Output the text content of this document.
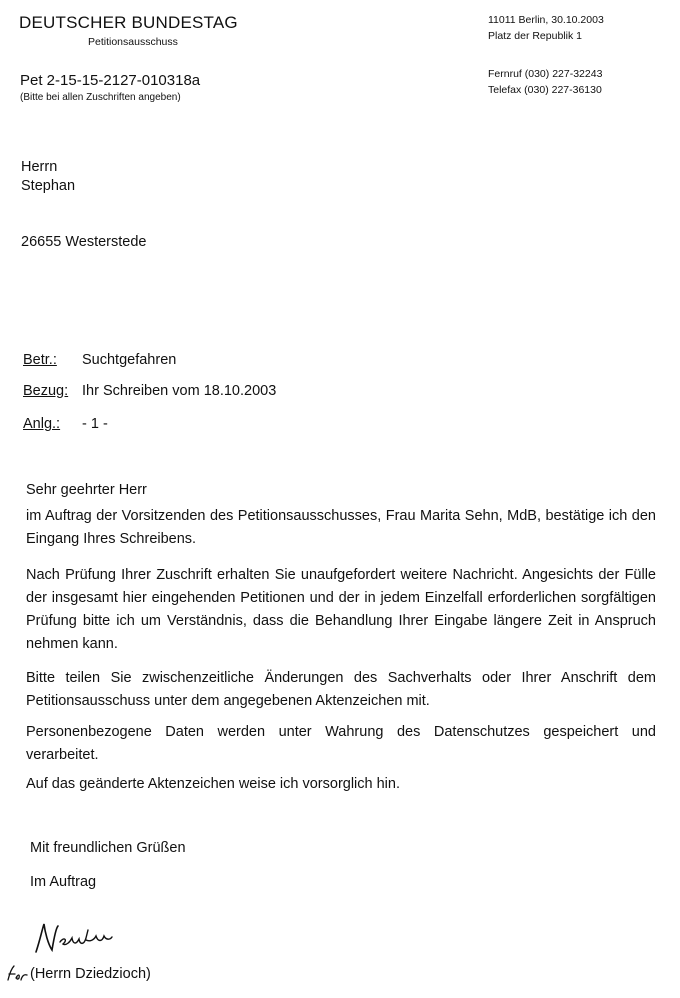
DEUTSCHER BUNDESTAG
Petitionsausschuss
Pet 2-15-15-2127-010318a
(Bitte bei allen Zuschriften angeben)
11011 Berlin, 30.10.2003
Platz der Republik 1
Fernruf (030) 227-32243
Telefax (030) 227-36130
Herrn
Stephan
26655 Westerstede
Betr.: Suchtgefahren
Bezug: Ihr Schreiben vom 18.10.2003
Anlg.: - 1 -
Sehr geehrter Herr
im Auftrag der Vorsitzenden des Petitionsausschusses, Frau Marita Sehn, MdB, bestätige ich den Eingang Ihres Schreibens.
Nach Prüfung Ihrer Zuschrift erhalten Sie unaufgefordert weitere Nachricht. Angesichts der Fülle der insgesamt hier eingehenden Petitionen und der in jedem Einzelfall erforderlichen sorgfältigen Prüfung bitte ich um Verständnis, dass die Behandlung Ihrer Eingabe längere Zeit in Anspruch nehmen kann.
Bitte teilen Sie zwischenzeitliche Änderungen des Sachverhalts oder Ihrer Anschrift dem Petitionsausschuss unter dem angegebenen Aktenzeichen mit.
Personenbezogene Daten werden unter Wahrung des Datenschutzes gespeichert und verarbeitet.
Auf das geänderte Aktenzeichen weise ich vorsorglich hin.
Mit freundlichen Grüßen
Im Auftrag
(Herrn Dziedzioch)
